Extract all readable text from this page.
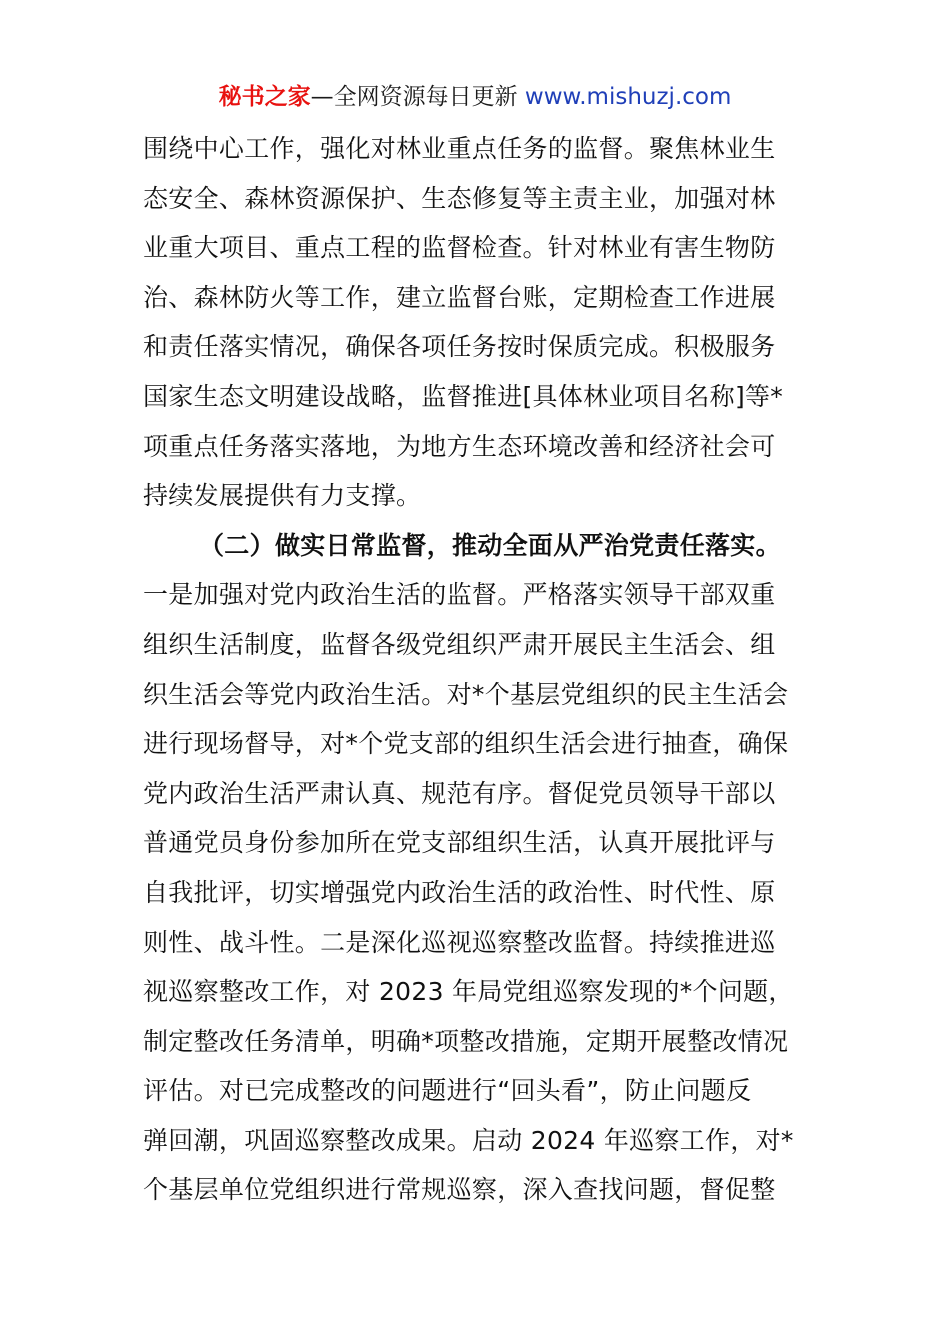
秘书之家—全网资源每日更新 www.mishuzj.com
围绕中心工作，强化对林业重点任务的监督。聚焦林业生
态安全、森林资源保护、生态修复等主责主业，加强对林
业重大项目、重点工程的监督检查。针对林业有害生物防
治、森林防火等工作，建立监督台账，定期检查工作进展
和责任落实情况，确保各项任务按时保质完成。积极服务
国家生态文明建设战略，监督推进[具体林业项目名称]等*
项重点任务落实落地，为地方生态环境改善和经济社会可
持续发展提供有力支撑。
（二）做实日常监督，推动全面从严治党责任落实。
一是加强对党内政治生活的监督。严格落实领导干部双重
组织生活制度，监督各级党组织严肃开展民主生活会、组
织生活会等党内政治生活。对*个基层党组织的民主生活会
进行现场督导，对*个党支部的组织生活会进行抽查，确保
党内政治生活严肃认真、规范有序。督促党员领导干部以
普通党员身份参加所在党支部组织生活，认真开展批评与
自我批评，切实增强党内政治生活的政治性、时代性、原
则性、战斗性。二是深化巡视巡察整改监督。持续推进巡
视巡察整改工作，对 2023 年局党组巡察发现的*个问题，
制定整改任务清单，明确*项整改措施，定期开展整改情况
评估。对已完成整改的问题进行“回头看”，防止问题反
弹回潮，巩固巡察整改成果。启动 2024 年巡察工作，对*
个基层单位党组织进行常规巡察，深入查找问题，督促整
